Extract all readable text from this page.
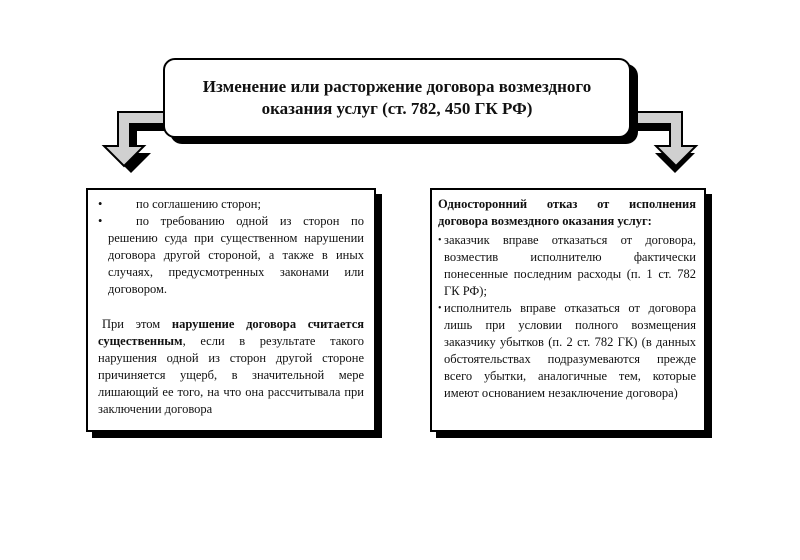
Изменение или расторжение договора возмездного
оказания услуг (ст. 782, 450 ГК РФ)
•	по соглашению сторон;
•	по требованию одной из сторон по решению суда при существенном нарушении договора другой стороной, а также в иных случаях, предусмотренных законами или договором.
При этом нарушение договора считается существенным, если в результате такого нарушения одной из сторон другой стороне причиняется ущерб, в значительной мере лишающий ее того, на что она рассчитывала при заключении договора
Односторонний отказ от исполнения договора возмездного оказания услуг:
• заказчик вправе отказаться от договора, возместив исполнителю фактически понесенные последним расходы (п. 1 ст. 782 ГК РФ);
• исполнитель вправе отказаться от договора лишь при условии полного возмещения заказчику убытков (п. 2 ст. 782 ГК) (в данных обстоятельствах подразумеваются прежде всего убытки, аналогичные тем, которые имеют основанием незаключение договора)
